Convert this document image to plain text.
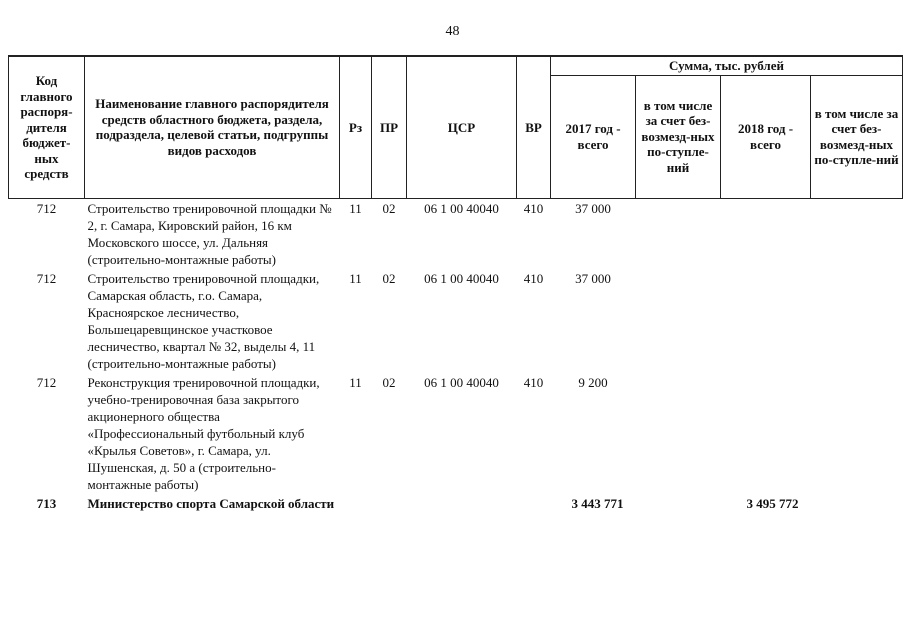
48
Код главного распоря-дителя бюджет-ных средств	Наименование главного распорядителя средств областного бюджета, раздела, подраздела, целевой статьи, подгруппы видов расходов	Рз	ПР	ЦСР	ВР	Сумма, тыс. рублей			
						2017 год - всего	в том числе за счет без-возмезд-ных по-ступле-ний	2018 год - всего	в том числе за счет без-возмезд-ных по-ступле-ний
712	Строительство тренировочной площадки № 2, г. Самара, Кировский район, 16 км Московского шоссе, ул. Дальняя (строительно-монтажные работы)	11	02	06 1 00 40040	410	37 000			
712	Строительство тренировочной площадки, Самарская область, г.о. Самара, Красноярское лесничество, Большецаревщинское участковое лесничество, квартал № 32, выделы 4, 11 (строительно-монтажные работы)	11	02	06 1 00 40040	410	37 000			
712	Реконструкция тренировочной площадки, учебно-тренировочная база закрытого акционерного общества «Профессиональный футбольный клуб «Крылья Советов», г. Самара, ул. Шушенская, д. 50 а (строительно-монтажные работы)	11	02	06 1 00 40040	410	9 200			
713	Министерство спорта Самарской области					3 443 771		3 495 772	
